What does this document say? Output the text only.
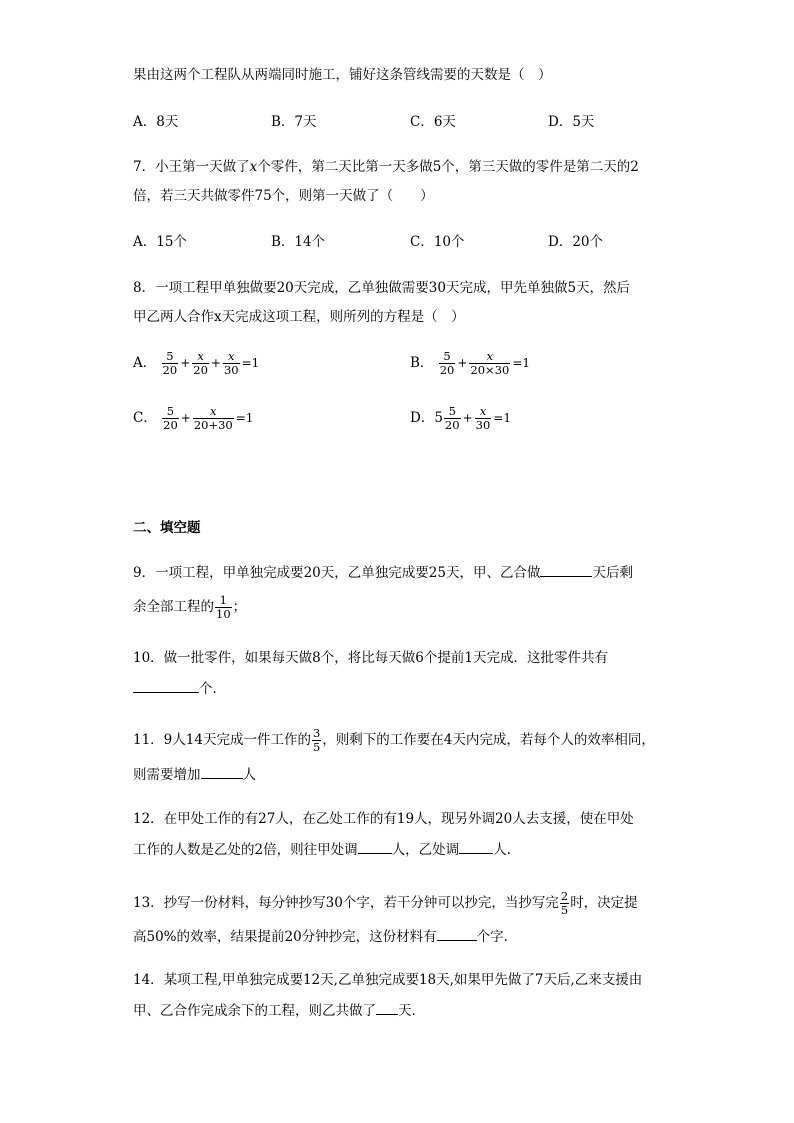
果由这两个工程队从两端同时施工，铺好这条管线需要的天数是（　）
A．8天	B．7天	C．6天	D．5天
7．小王第一天做了x个零件，第二天比第一天多做5个，第三天做的零件是第二天的2
倍，若三天共做零件75个，则第一天做了（　　）
A．15个	B．14个	C．10个	D．20个
8．一项工程甲单独做要20天完成，乙单独做需要30天完成，甲先单独做5天，然后
甲乙两人合作x天完成这项工程，则所列的方程是（　）
A． $\frac{5}{20} + \frac{x}{20} + \frac{x}{30} =1$	B． $\frac{5}{20} + \frac{x}{20\times 30} =1$
C． $\frac{5}{20} + \frac{x}{20+30} =1$	D．$5 \frac{5}{20} + \frac{x}{30} =1$
二、填空题
9．一项工程，甲单独完成要20天，乙单独完成要25天，甲、乙合做	天后剩
余全部工程的 $\frac{1}{10}$ ；
10．做一批零件，如果每天做8个，将比每天做6个提前1天完成．这批零件共有
个．
11．9人14天完成一件工作的 $\frac{3}{5}$ ，则剩下的工作要在4天内完成，若每个人的效率相同，
则需要增加	人
12．在甲处工作的有27人，在乙处工作的有19人，现另外调20人去支援，使在甲处
工作的人数是乙处的2倍，则往甲处调	人，乙处调	人.
13．抄写一份材料，每分钟抄写30个字，若干分钟可以抄完，当抄写完 $\frac{2}{5}$ 时，决定提
高50%的效率，结果提前20分钟抄完，这份材料有	个字.
14．某项工程,甲单独完成要12天,乙单独完成要18天,如果甲先做了7天后,乙来支援由
甲、乙合作完成余下的工程，则乙共做了 天．
